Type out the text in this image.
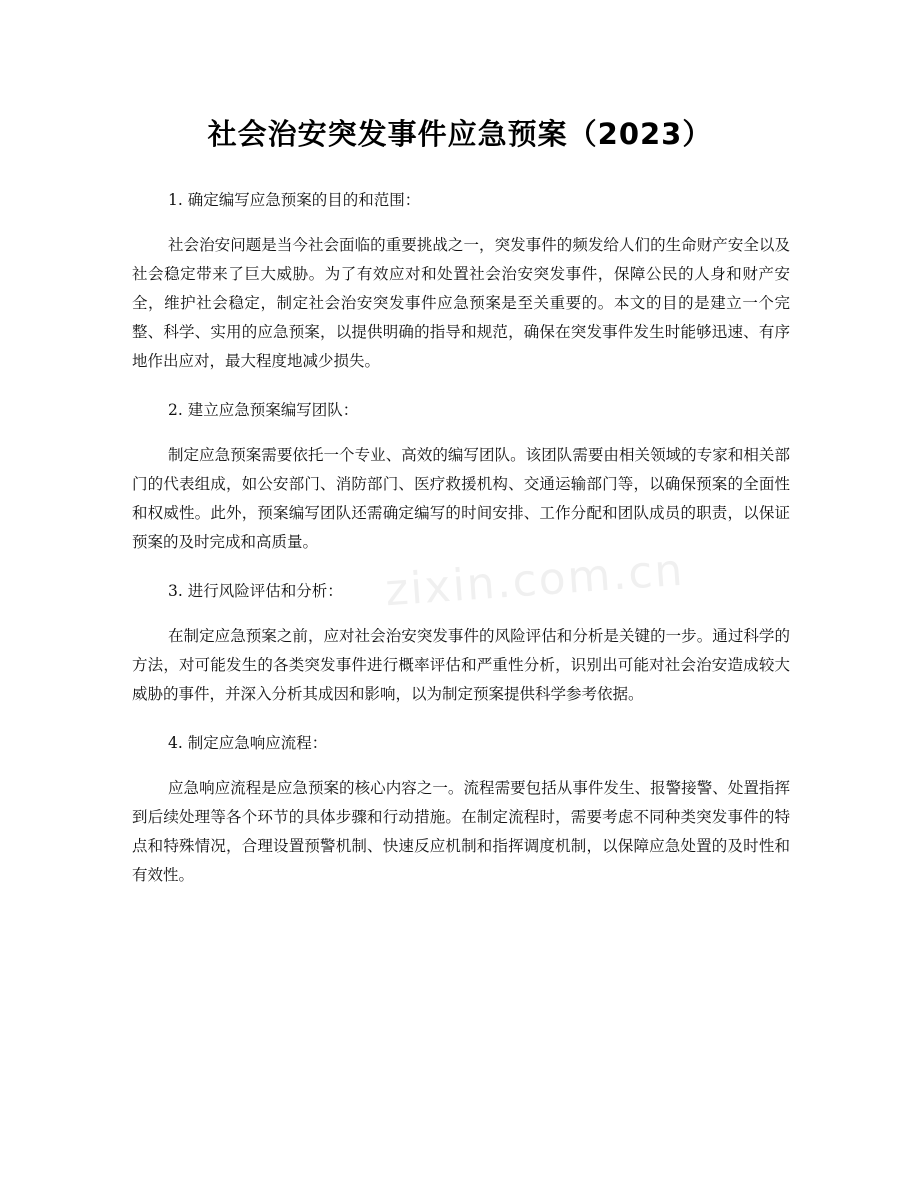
社会治安突发事件应急预案（2023）
zixin.com.cn

1. 确定编写应急预案的目的和范围：

社会治安问题是当今社会面临的重要挑战之一，突发事件的频发给人们的生命财产安全以及社会稳定带来了巨大威胁。为了有效应对和处置社会治安突发事件，保障公民的人身和财产安全，维护社会稳定，制定社会治安突发事件应急预案是至关重要的。本文的目的是建立一个完整、科学、实用的应急预案，以提供明确的指导和规范，确保在突发事件发生时能够迅速、有序地作出应对，最大程度地减少损失。

2. 建立应急预案编写团队：

制定应急预案需要依托一个专业、高效的编写团队。该团队需要由相关领域的专家和相关部门的代表组成，如公安部门、消防部门、医疗救援机构、交通运输部门等，以确保预案的全面性和权威性。此外，预案编写团队还需确定编写的时间安排、工作分配和团队成员的职责，以保证预案的及时完成和高质量。

3. 进行风险评估和分析：

在制定应急预案之前，应对社会治安突发事件的风险评估和分析是关键的一步。通过科学的方法，对可能发生的各类突发事件进行概率评估和严重性分析，识别出可能对社会治安造成较大威胁的事件，并深入分析其成因和影响，以为制定预案提供科学参考依据。

4. 制定应急响应流程：

应急响应流程是应急预案的核心内容之一。流程需要包括从事件发生、报警接警、处置指挥到后续处理等各个环节的具体步骤和行动措施。在制定流程时，需要考虑不同种类突发事件的特点和特殊情况，合理设置预警机制、快速反应机制和指挥调度机制，以保障应急处置的及时性和有效性。
